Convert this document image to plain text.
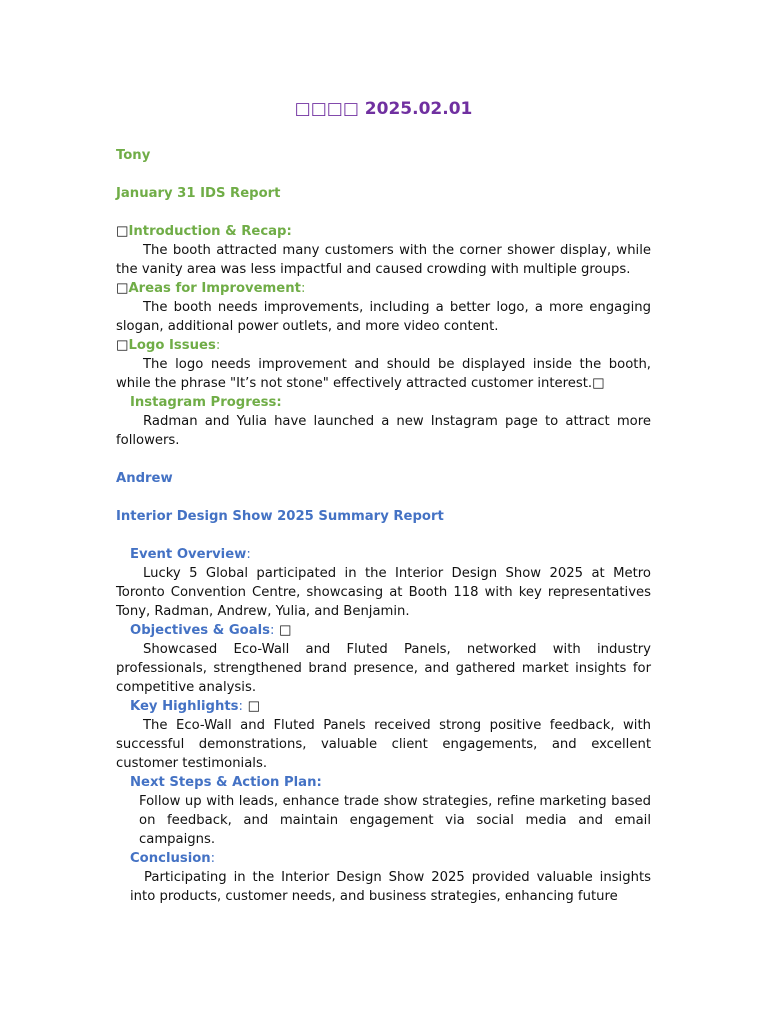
□□□□ 2025.02.01
Tony
January 31 IDS Report
□Introduction & Recap:

The booth attracted many customers with the corner shower display, while the vanity area was less impactful and caused crowding with multiple groups.

□Areas for Improvement:

The booth needs improvements, including a better logo, a more engaging slogan, additional power outlets, and more video content.

□Logo Issues:

The logo needs improvement and should be displayed inside the booth, while the phrase "It’s not stone" effectively attracted customer interest.□

Instagram Progress:

Radman and Yulia have launched a new Instagram page to attract more followers.

Andrew
Interior Design Show 2025 Summary Report
Event Overview:

Lucky 5 Global participated in the Interior Design Show 2025 at Metro Toronto Convention Centre, showcasing at Booth 118 with key representatives Tony, Radman, Andrew, Yulia, and Benjamin.

Objectives & Goals: □

Showcased Eco-Wall and Fluted Panels, networked with industry professionals, strengthened brand presence, and gathered market insights for competitive analysis.

Key Highlights: □

The Eco-Wall and Fluted Panels received strong positive feedback, with successful demonstrations, valuable client engagements, and excellent customer testimonials.

Next Steps & Action Plan:

Follow up with leads, enhance trade show strategies, refine marketing based on feedback, and maintain engagement via social media and email campaigns.

Conclusion:

Participating in the Interior Design Show 2025 provided valuable insights into products, customer needs, and business strategies, enhancing future
